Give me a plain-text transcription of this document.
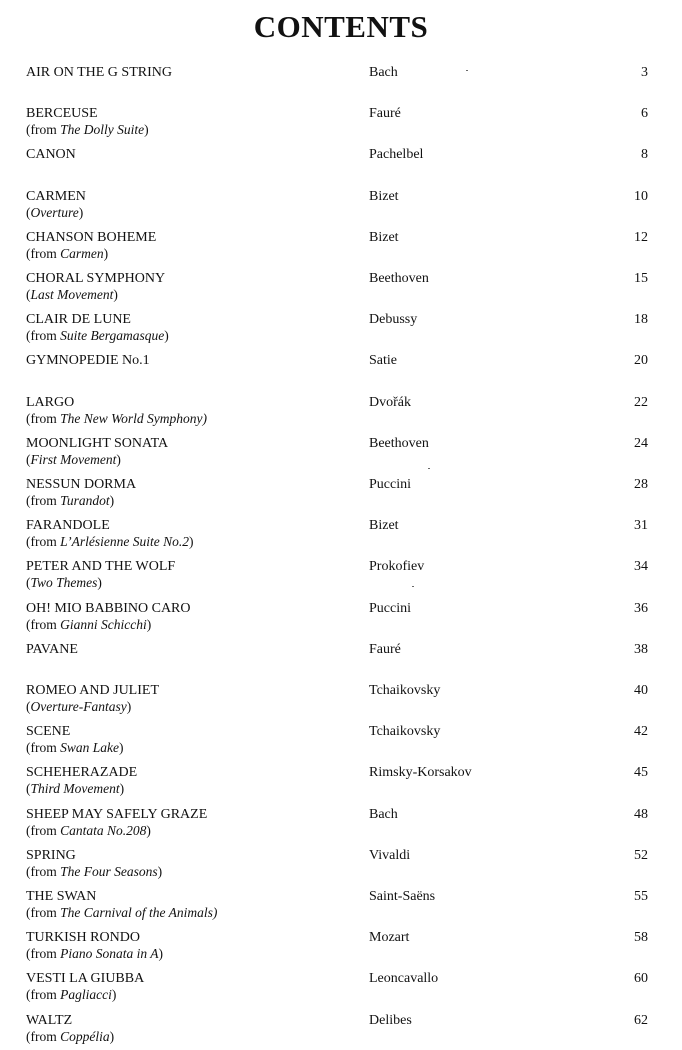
CONTENTS
AIR ON THE G STRING	Bach	3
BERCEUSE
(from The Dolly Suite)
Fauré	6
CANON	Pachelbel	8
CARMEN
(Overture)
Bizet	10
CHANSON BOHEME
(from Carmen)
Bizet	12
CHORAL SYMPHONY
(Last Movement)
Beethoven	15
CLAIR DE LUNE
(from Suite Bergamasque)
Debussy	18
GYMNOPEDIE No.1	Satie	20
LARGO
(from The New World Symphony)
Dvořák	22
MOONLIGHT SONATA
(First Movement)
Beethoven	24
NESSUN DORMA
(from Turandot)
Puccini	28
FARANDOLE
(from L’Arlésienne Suite No.2)
Bizet	31
PETER AND THE WOLF
(Two Themes)
Prokofiev	34
OH! MIO BABBINO CARO
(from Gianni Schicchi)
Puccini	36
PAVANE	Fauré	38
ROMEO AND JULIET
(Overture-Fantasy)
Tchaikovsky	40
SCENE
(from Swan Lake)
Tchaikovsky	42
SCHEHERAZADE
(Third Movement)
Rimsky-Korsakov	45
SHEEP MAY SAFELY GRAZE
(from Cantata No.208)
Bach	48
SPRING
(from The Four Seasons)
Vivaldi	52
THE SWAN
(from The Carnival of the Animals)
Saint-Saëns	55
TURKISH RONDO
(from Piano Sonata in A)
Mozart	58
VESTI LA GIUBBA
(from Pagliacci)
Leoncavallo	60
WALTZ
(from Coppélia)
Delibes	62
